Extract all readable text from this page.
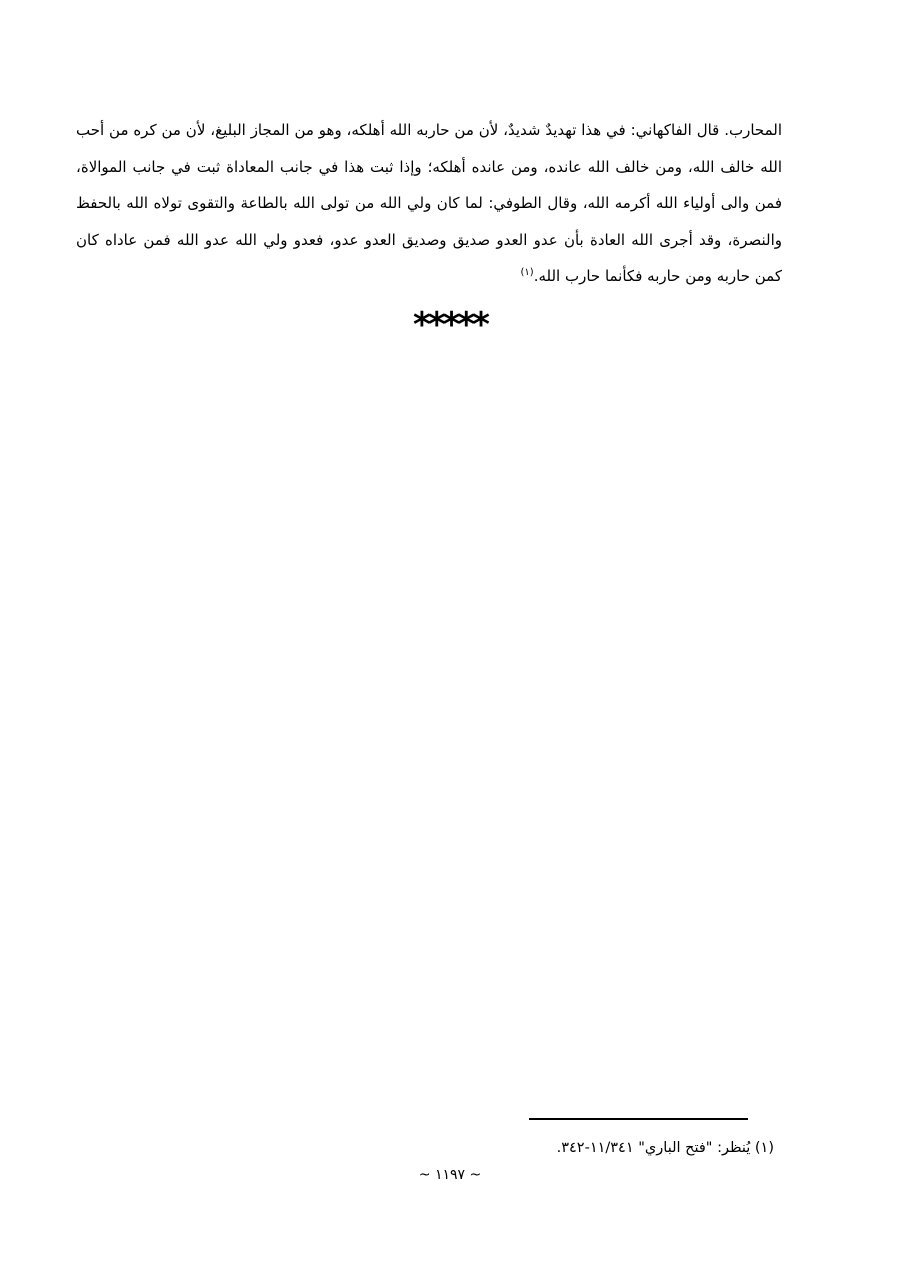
المحارب. قال الفاكهاني: في هذا تهديدٌ شديدٌ، لأن من حاربه الله أهلكه، وهو من المجاز البليغ، لأن من كره من أحب الله خالف الله، ومن خالف الله عانده، ومن عانده أهلكه؛ وإذا ثبت هذا في جانب المعاداة ثبت في جانب الموالاة، فمن والى أولياء الله أكرمه الله، وقال الطوفي: لما كان ولي الله من تولى الله بالطاعة والتقوى تولاه الله بالحفظ والنصرة، وقد أجرى الله العادة بأن عدو العدو صديق وصديق العدو عدو، فعدو ولي الله عدو الله فمن عاداه كان كمن حاربه ومن حاربه فكأنما حارب الله.$^{(١)}$

*****
(١) يُنظر: "فتح الباري" ١١/٣٤١-٣٤٢.
~ ١١٩٧ ~
